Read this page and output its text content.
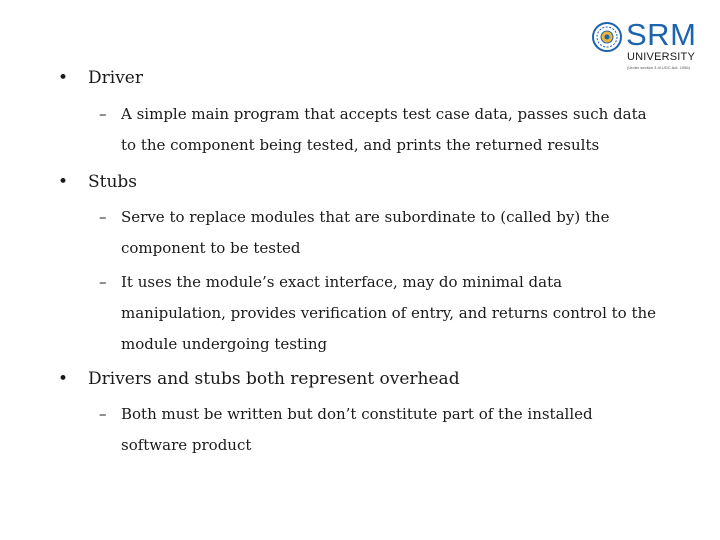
SRM
UNIVERSITY
(Under section 3 of UGC Act, 1956)
• Driver
– A simple main program that accepts test case data, passes such data to the component being tested, and prints the returned results
• Stubs
– Serve to replace modules that are subordinate to (called by) the component to be tested
– It uses the module’s exact interface, may do minimal data manipulation, provides verification of entry, and returns control to the module undergoing testing
• Drivers and stubs both represent overhead
– Both must be written but don’t constitute part of the installed software product
